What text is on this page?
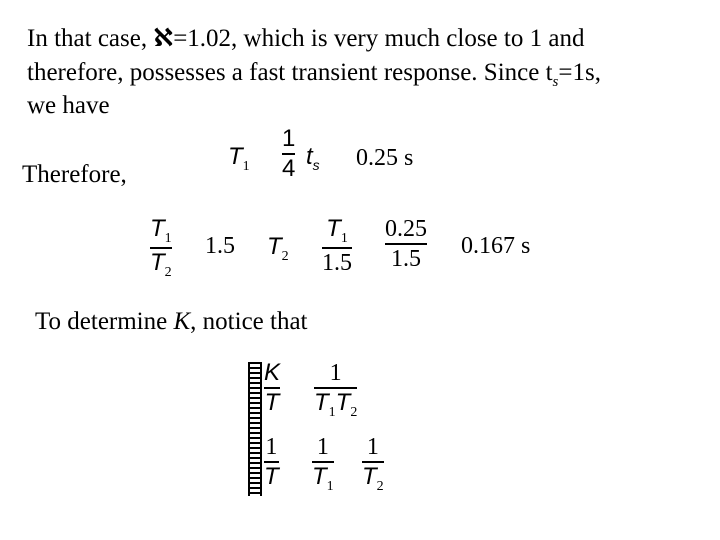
In that case, ℵ=1.02, which is very much close to 1 and
therefore, possesses a fast transient response. Since $t_s=1s$,
we have
Therefore,
$T_1$
1
4 $t_s$ 0.25 s
T 1
T 2
1.5 $T_2$
T 1
1.5
0.25
1.5 0.167 s
To determine K, notice that
K
T
1
T 1 T 2
1
T
1
T 1
1
T 2
